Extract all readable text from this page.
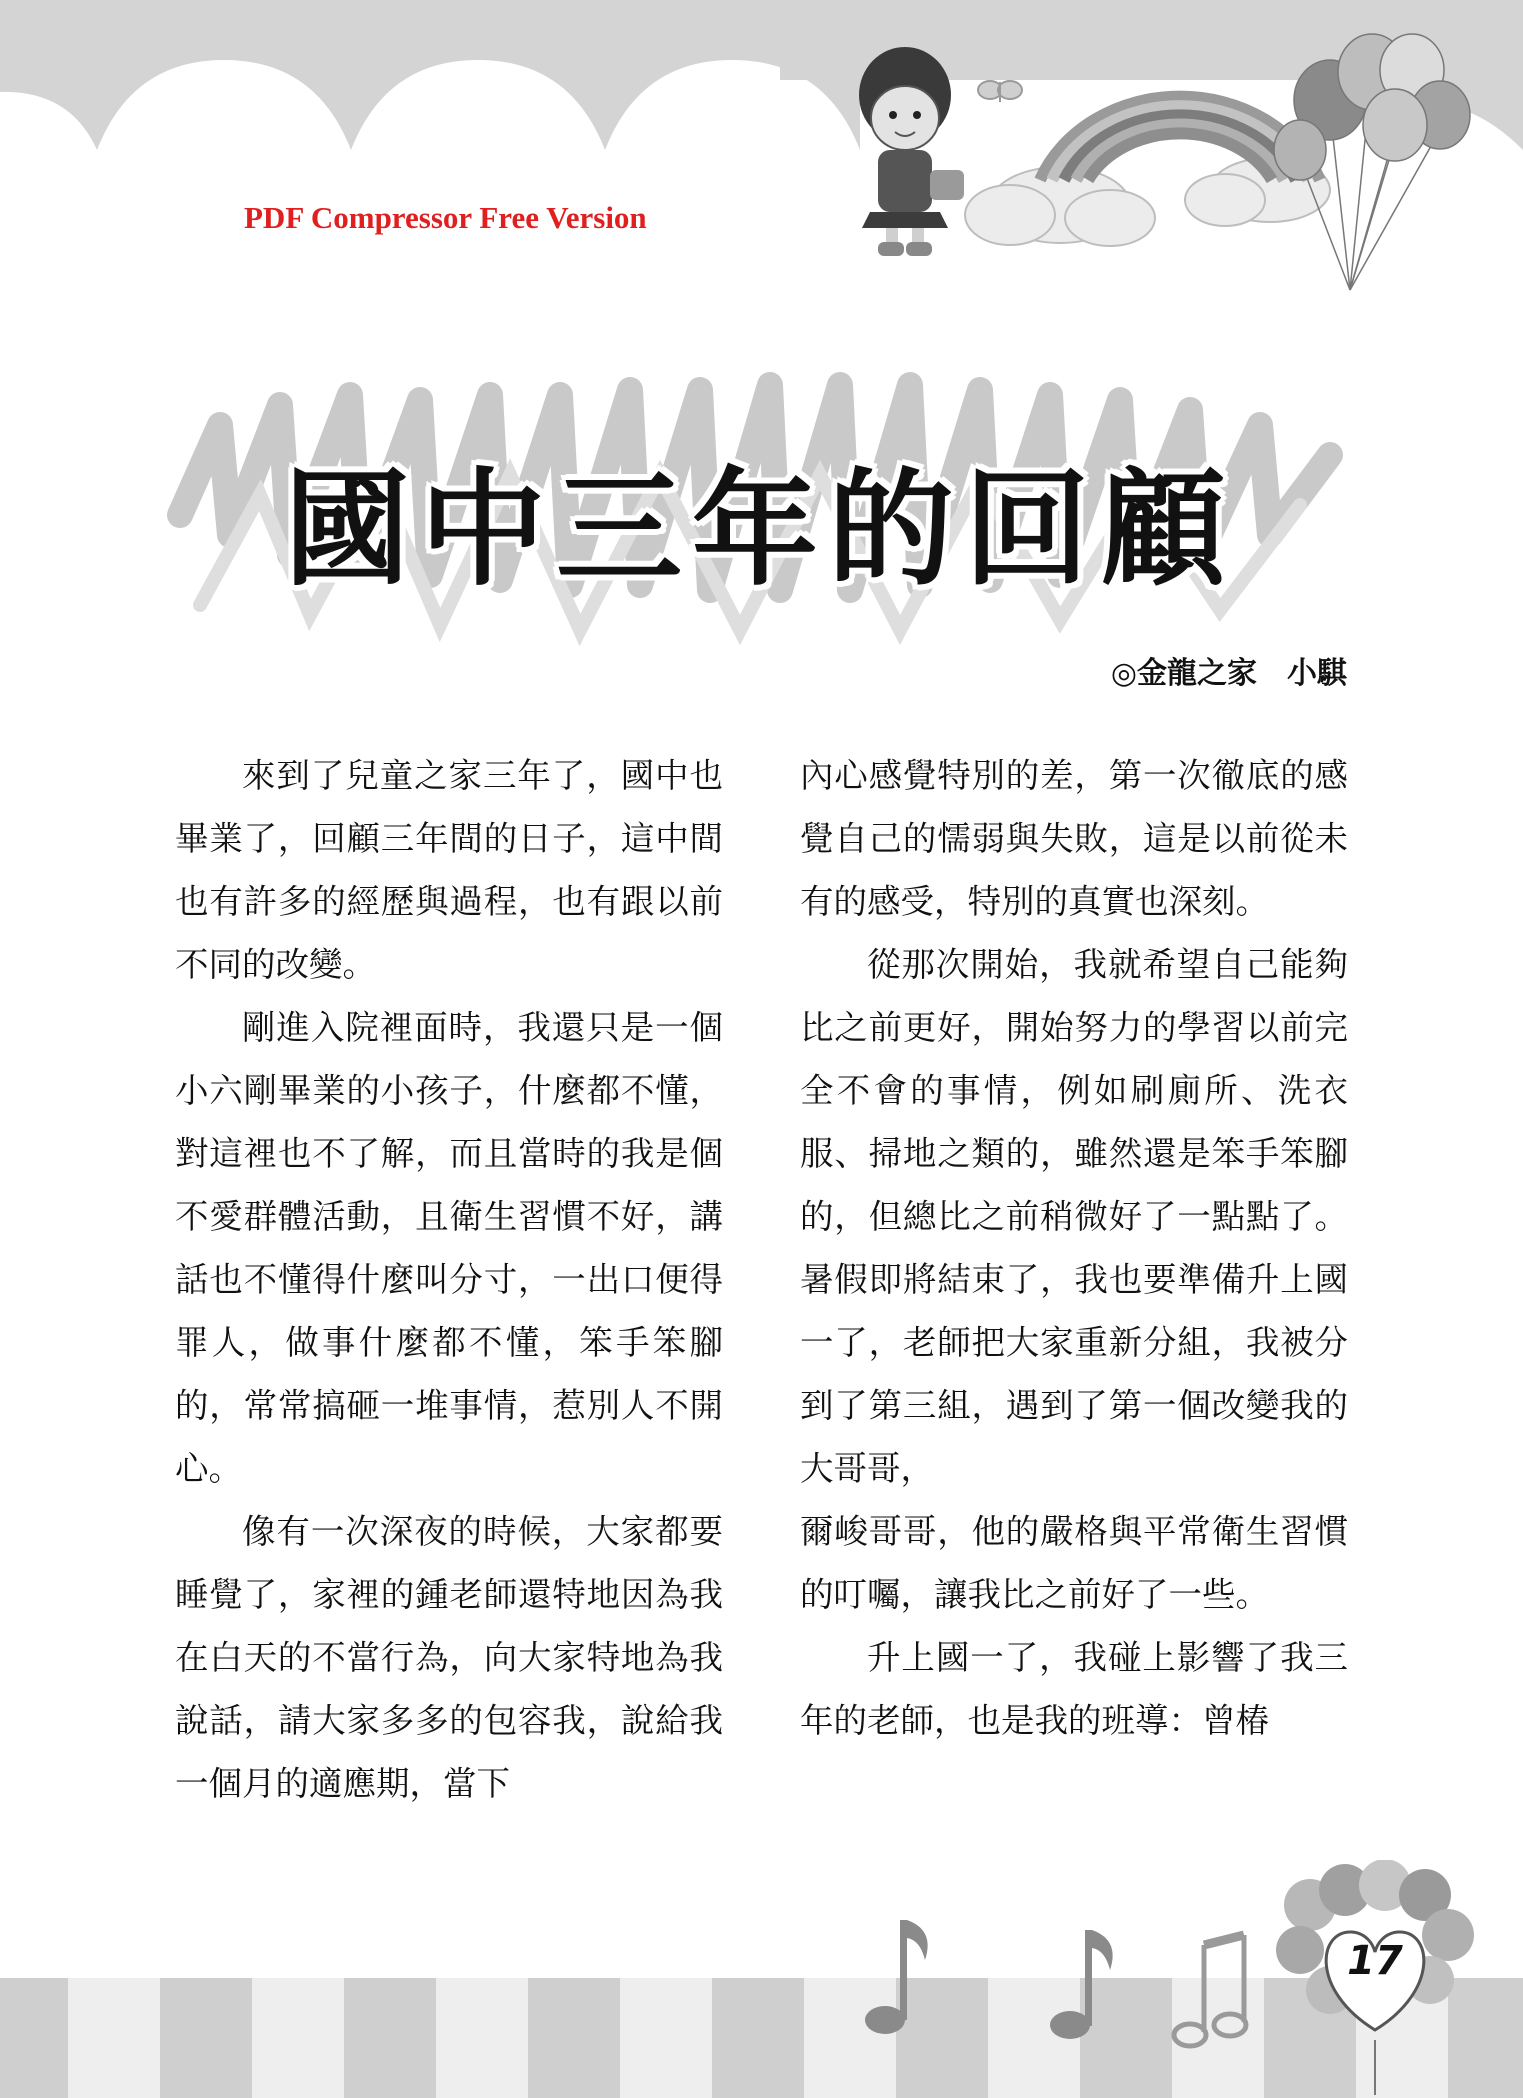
PDF Compressor Free Version
國中三年的回顧
◎金龍之家　小騏

來到了兒童之家三年了，國中也畢業了，回顧三年間的日子，這中間也有許多的經歷與過程，也有跟以前不同的改變。

剛進入院裡面時，我還只是一個小六剛畢業的小孩子，什麼都不懂，對這裡也不了解，而且當時的我是個不愛群體活動，且衛生習慣不好，講話也不懂得什麼叫分寸，一出口便得罪人，做事什麼都不懂，笨手笨腳的，常常搞砸一堆事情，惹別人不開心。

像有一次深夜的時候，大家都要睡覺了，家裡的鍾老師還特地因為我在白天的不當行為，向大家特地為我說話，請大家多多的包容我，說給我一個月的適應期，當下

內心感覺特別的差，第一次徹底的感覺自己的懦弱與失敗，這是以前從未有的感受，特別的真實也深刻。

從那次開始，我就希望自己能夠比之前更好，開始努力的學習以前完全不會的事情，例如刷廁所、洗衣服、掃地之類的，雖然還是笨手笨腳的，但總比之前稍微好了一點點了。暑假即將結束了，我也要準備升上國一了，老師把大家重新分組，我被分到了第三組，遇到了第一個改變我的大哥哥，

爾峻哥哥，他的嚴格與平常衛生習慣的叮囑，讓我比之前好了一些。

升上國一了，我碰上影響了我三年的老師，也是我的班導：曾椿

17
